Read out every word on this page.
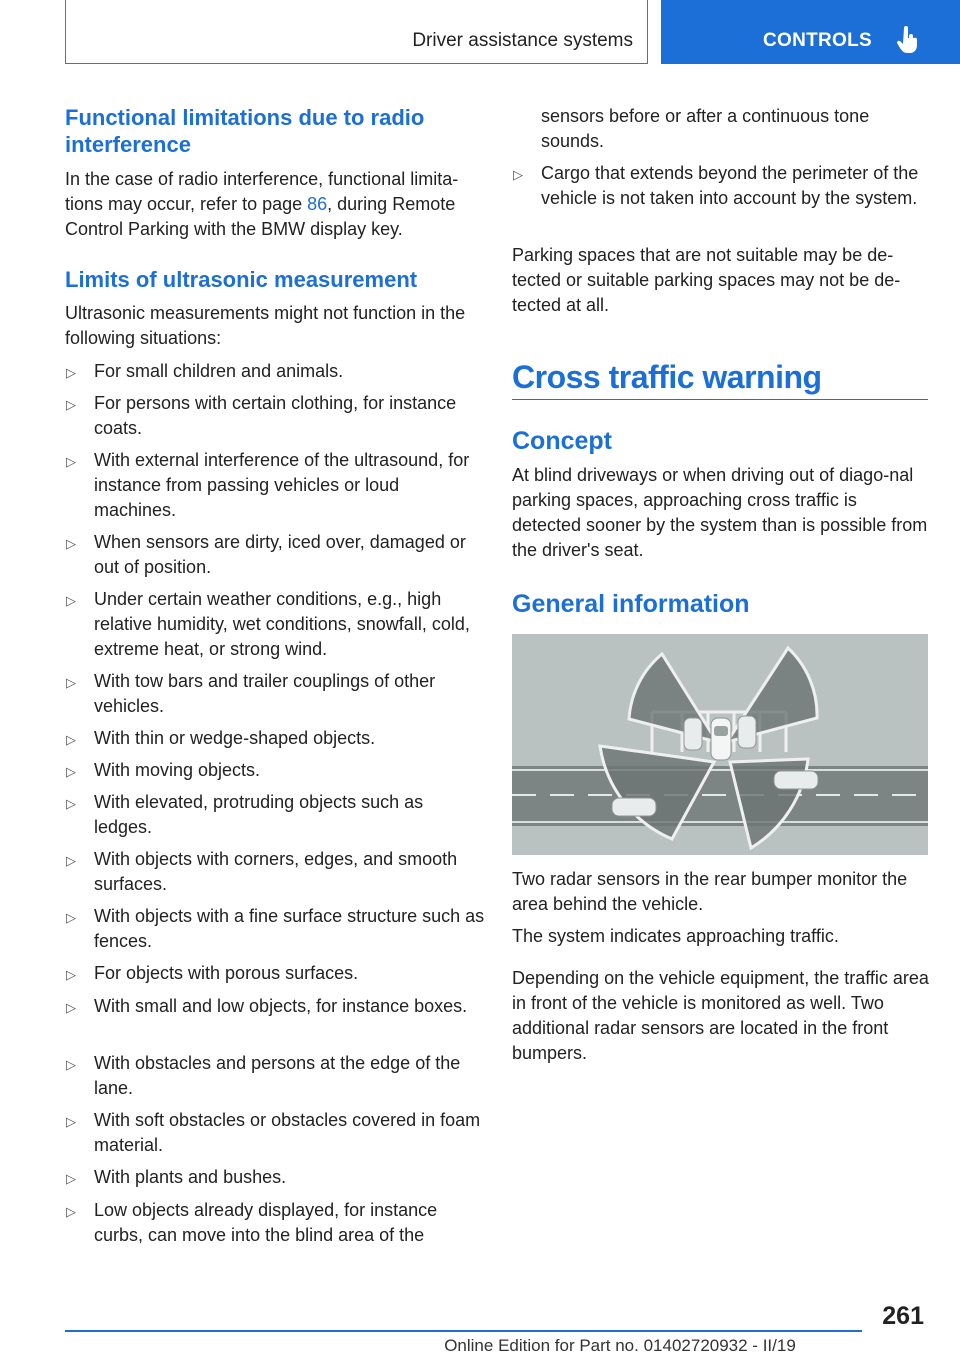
Driver assistance systems	CONTROLS
Functional limitations due to radio interference

In the case of radio interference, functional limita-tions may occur, refer to page 86, during Remote Control Parking with the BMW display key.

Limits of ultrasonic measurement

Ultrasonic measurements might not function in the following situations:

▷ For small children and animals.
▷ For persons with certain clothing, for instance coats.
▷ With external interference of the ultrasound, for instance from passing vehicles or loud machines.
▷ When sensors are dirty, iced over, damaged or out of position.
▷ Under certain weather conditions, e.g., high relative humidity, wet conditions, snowfall, cold, extreme heat, or strong wind.
▷ With tow bars and trailer couplings of other vehicles.
▷ With thin or wedge-shaped objects.
▷ With moving objects.
▷ With elevated, protruding objects such as ledges.
▷ With objects with corners, edges, and smooth surfaces.
▷ With objects with a fine surface structure such as fences.
▷ For objects with porous surfaces.
▷ With small and low objects, for instance boxes.
▷ With obstacles and persons at the edge of the lane.
▷ With soft obstacles or obstacles covered in foam material.
▷ With plants and bushes.
▷ Low objects already displayed, for instance curbs, can move into the blind area of the

sensors before or after a continuous tone sounds.

▷ Cargo that extends beyond the perimeter of the vehicle is not taken into account by the system.

Parking spaces that are not suitable may be de-tected or suitable parking spaces may not be de-tected at all.

Cross traffic warning
Concept

At blind driveways or when driving out of diago-nal parking spaces, approaching cross traffic is detected sooner by the system than is possible from the driver's seat.

General information

Two radar sensors in the rear bumper monitor the area behind the vehicle.

The system indicates approaching traffic.

Depending on the vehicle equipment, the traffic area in front of the vehicle is monitored as well. Two additional radar sensors are located in the front bumpers.

261
Online Edition for Part no. 01402720932 - II/19
